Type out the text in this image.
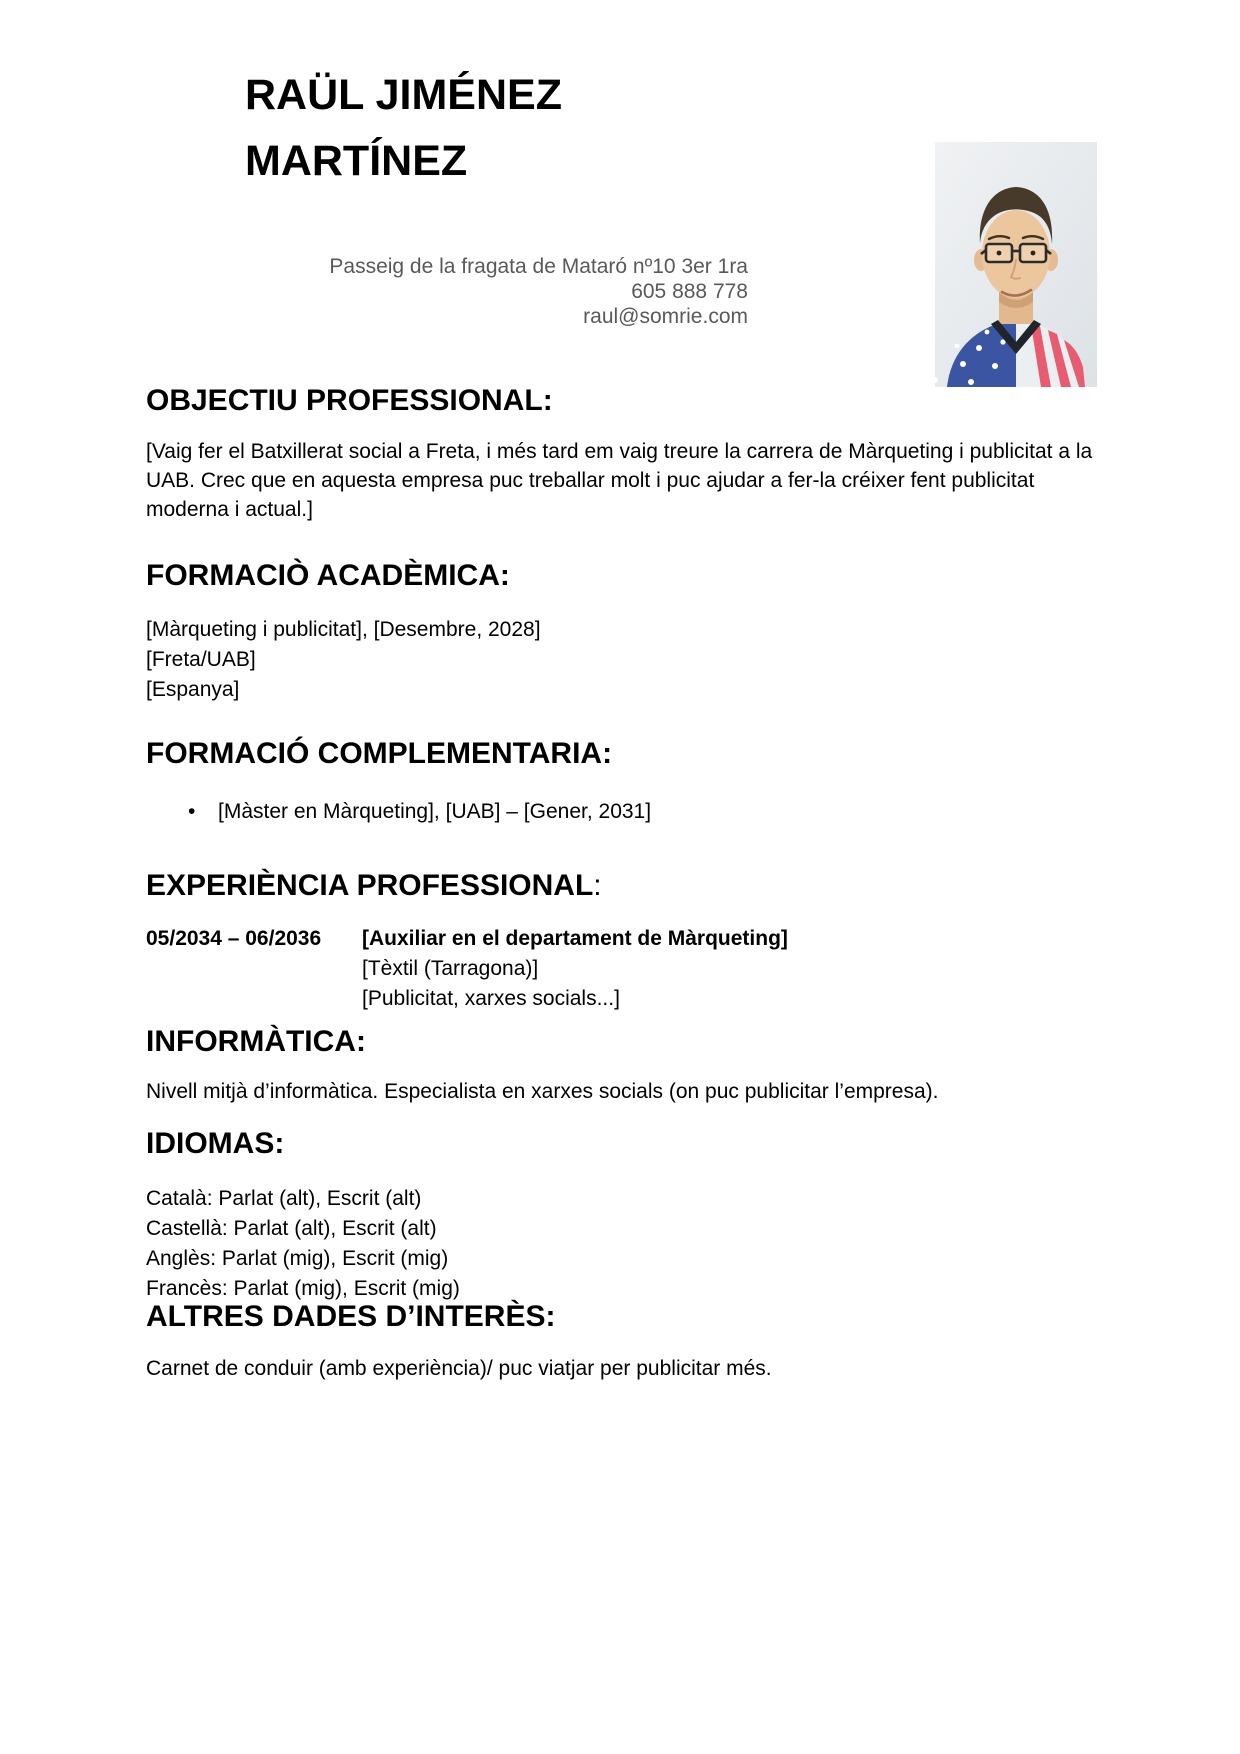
RAÜL JIMÉNEZ
MARTÍNEZ
Passeig de la fragata de Mataró nº10 3er 1ra
605 888 778
raul@somrie.com
OBJECTIU PROFESSIONAL:
[Vaig fer el Batxillerat social a Freta, i més tard em vaig treure la carrera de Màrqueting i publicitat a la
UAB. Crec que en aquesta empresa puc treballar molt i puc ajudar a fer-la créixer fent publicitat
moderna i actual.]
FORMACIÒ ACADÈMICA:
[Màrqueting i publicitat], [Desembre, 2028]
[Freta/UAB]
[Espanya]
FORMACIÓ COMPLEMENTARIA:
•	[Màster en Màrqueting], [UAB] – [Gener, 2031]
EXPERIÈNCIA PROFESSIONAL:
05/2034 – 06/2036 [Auxiliar en el departament de Màrqueting]
[Tèxtil (Tarragona)]
[Publicitat, xarxes socials...]
INFORMÀTICA:
Nivell mitjà d’informàtica. Especialista en xarxes socials (on puc publicitar l’empresa).
IDIOMAS:
Català: Parlat (alt), Escrit (alt)
Castellà: Parlat (alt), Escrit (alt)
Anglès: Parlat (mig), Escrit (mig)
Francès: Parlat (mig), Escrit (mig)
ALTRES DADES D’INTERÈS:
Carnet de conduir (amb experiència)/ puc viatjar per publicitar més.
